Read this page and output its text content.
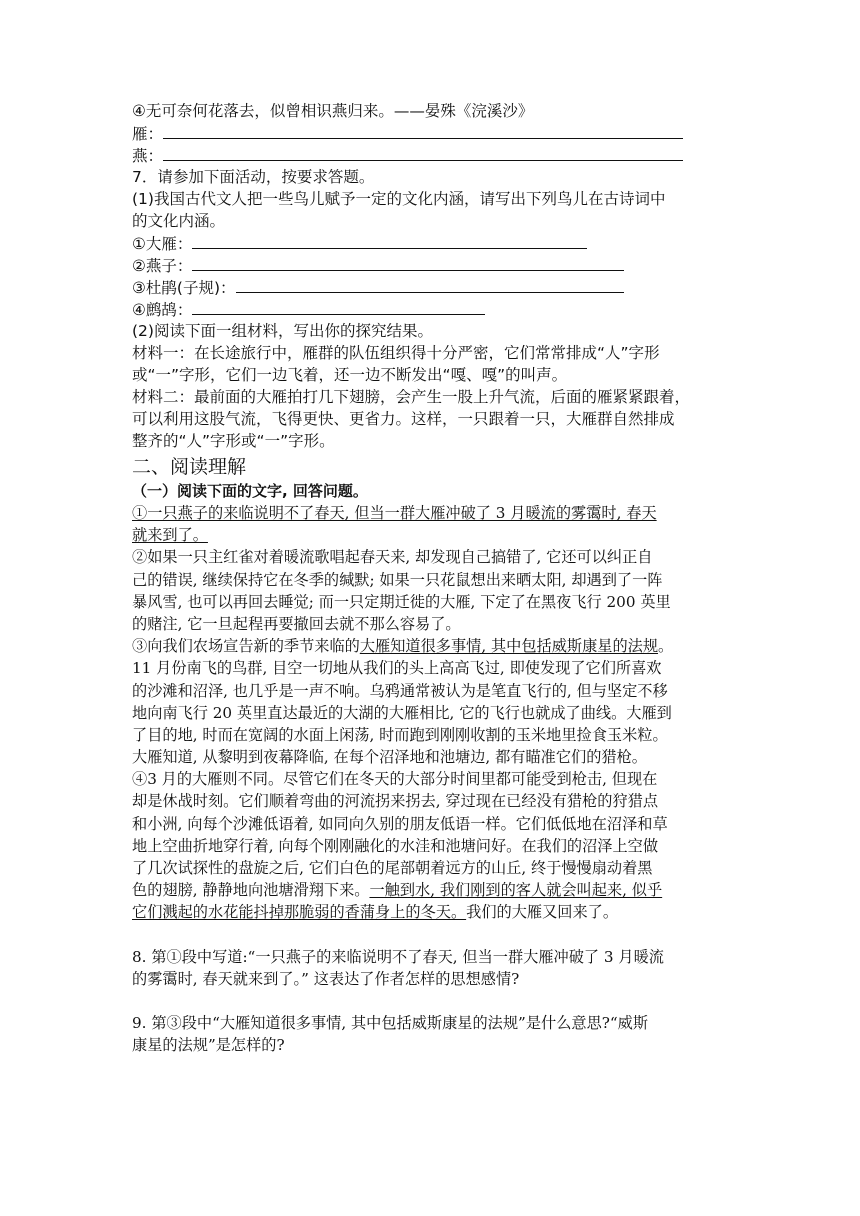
④无可奈何花落去，似曾相识燕归来。——晏殊《浣溪沙》
雁：
燕：
7．请参加下面活动，按要求答题。
(1)我国古代文人把一些鸟儿赋予一定的文化内涵，请写出下列鸟儿在古诗词中
的文化内涵。
①大雁：
②燕子：
③杜鹃(子规)：
④鹧鸪：
(2)阅读下面一组材料，写出你的探究结果。
材料一：在长途旅行中，雁群的队伍组织得十分严密，它们常常排成“人”字形
或“一”字形，它们一边飞着，还一边不断发出“嘎、嘎”的叫声。
材料二：最前面的大雁拍打几下翅膀，会产生一股上升气流，后面的雁紧紧跟着，
可以利用这股气流，飞得更快、更省力。这样，一只跟着一只，大雁群自然排成
整齐的“人”字形或“一”字形。
二、阅读理解
（一）阅读下面的文字, 回答问题。
①一只燕子的来临说明不了春天, 但当一群大雁冲破了 3 月暖流的雾霭时, 春天
就来到了。
②如果一只主红雀对着暖流歌唱起春天来, 却发现自己搞错了, 它还可以纠正自
己的错误, 继续保持它在冬季的缄默; 如果一只花鼠想出来晒太阳, 却遇到了一阵
暴风雪, 也可以再回去睡觉; 而一只定期迁徙的大雁, 下定了在黑夜飞行 200 英里
的赌注, 它一旦起程再要撤回去就不那么容易了。
③向我们农场宣告新的季节来临的大雁知道很多事情, 其中包括威斯康星的法规。
11 月份南飞的鸟群, 目空一切地从我们的头上高高飞过, 即使发现了它们所喜欢
的沙滩和沼泽, 也几乎是一声不响。乌鸦通常被认为是笔直飞行的, 但与坚定不移
地向南飞行 20 英里直达最近的大湖的大雁相比, 它的飞行也就成了曲线。大雁到
了目的地, 时而在宽阔的水面上闲荡, 时而跑到刚刚收割的玉米地里捡食玉米粒。
大雁知道, 从黎明到夜幕降临, 在每个沼泽地和池塘边, 都有瞄准它们的猎枪。
④3 月的大雁则不同。尽管它们在冬天的大部分时间里都可能受到枪击, 但现在
却是休战时刻。它们顺着弯曲的河流拐来拐去, 穿过现在已经没有猎枪的狩猎点
和小洲, 向每个沙滩低语着, 如同向久别的朋友低语一样。它们低低地在沼泽和草
地上空曲折地穿行着, 向每个刚刚融化的水洼和池塘问好。在我们的沼泽上空做
了几次试探性的盘旋之后, 它们白色的尾部朝着远方的山丘, 终于慢慢扇动着黑
色的翅膀, 静静地向池塘滑翔下来。一触到水, 我们刚到的客人就会叫起来, 似乎
它们溅起的水花能抖掉那脆弱的香蒲身上的冬天。我们的大雁又回来了。
8. 第①段中写道:“一只燕子的来临说明不了春天, 但当一群大雁冲破了 3 月暖流
的雾霭时, 春天就来到了。” 这表达了作者怎样的思想感情?
9. 第③段中“大雁知道很多事情, 其中包括威斯康星的法规”是什么意思?“威斯
康星的法规”是怎样的?
